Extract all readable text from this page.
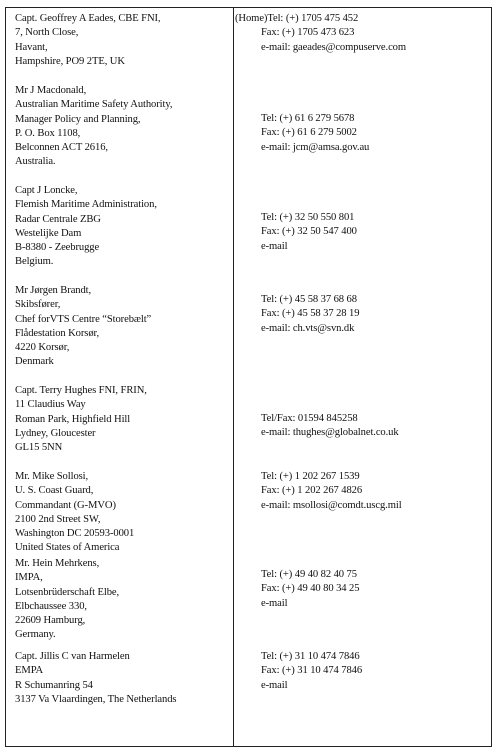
Capt. Geoffrey A Eades, CBE FNI,
7, North Close,
Havant,
Hampshire, PO9 2TE, UK
Mr J Macdonald,
Australian Maritime Safety Authority,
Manager Policy and Planning,
P. O. Box 1108,
Belconnen ACT 2616,
Australia.
Capt J Loncke,
Flemish Maritime Administration,
Radar Centrale ZBG
Westelijke Dam
B-8380 - Zeebrugge
Belgium.
Mr Jørgen Brandt,
Skibsfører,
Chef forVTS Centre “Storebælt”
Flådestation Korsør,
4220 Korsør,
Denmark
Capt. Terry Hughes FNI, FRIN,
11 Claudius Way
Roman Park, Highfield Hill
Lydney, Gloucester
GL15 5NN
Mr. Mike Sollosi,
U. S. Coast Guard,
Commandant (G-MVO)
2100 2nd Street SW,
Washington DC 20593-0001
United States of America
Mr. Hein Mehrkens,
IMPA,
Lotsenbrüderschaft Elbe,
Elbchaussee 330,
22609 Hamburg,
Germany.
Capt. Jillis C van Harmelen
EMPA
R Schumanring 54
3137 Va Vlaardingen, The Netherlands
(Home)Tel: (+) 1705 475 452
Fax: (+) 1705 473 623
e-mail: gaeades@compuserve.com
Tel: (+) 61 6 279 5678
Fax: (+) 61 6 279 5002
e-mail: jcm@amsa.gov.au
Tel: (+) 32 50 550 801
Fax: (+) 32 50 547 400
e-mail
Tel: (+) 45 58 37 68 68
Fax: (+) 45 58 37 28 19
e-mail: ch.vts@svn.dk
Tel/Fax: 01594 845258
e-mail: thughes@globalnet.co.uk
Tel: (+) 1 202 267 1539
Fax: (+) 1 202 267 4826
e-mail: msollosi@comdt.uscg.mil
Tel: (+) 49 40 82 40 75
Fax: (+) 49 40 80 34 25
e-mail
Tel: (+) 31 10 474 7846
Fax: (+) 31 10 474 7846
e-mail
